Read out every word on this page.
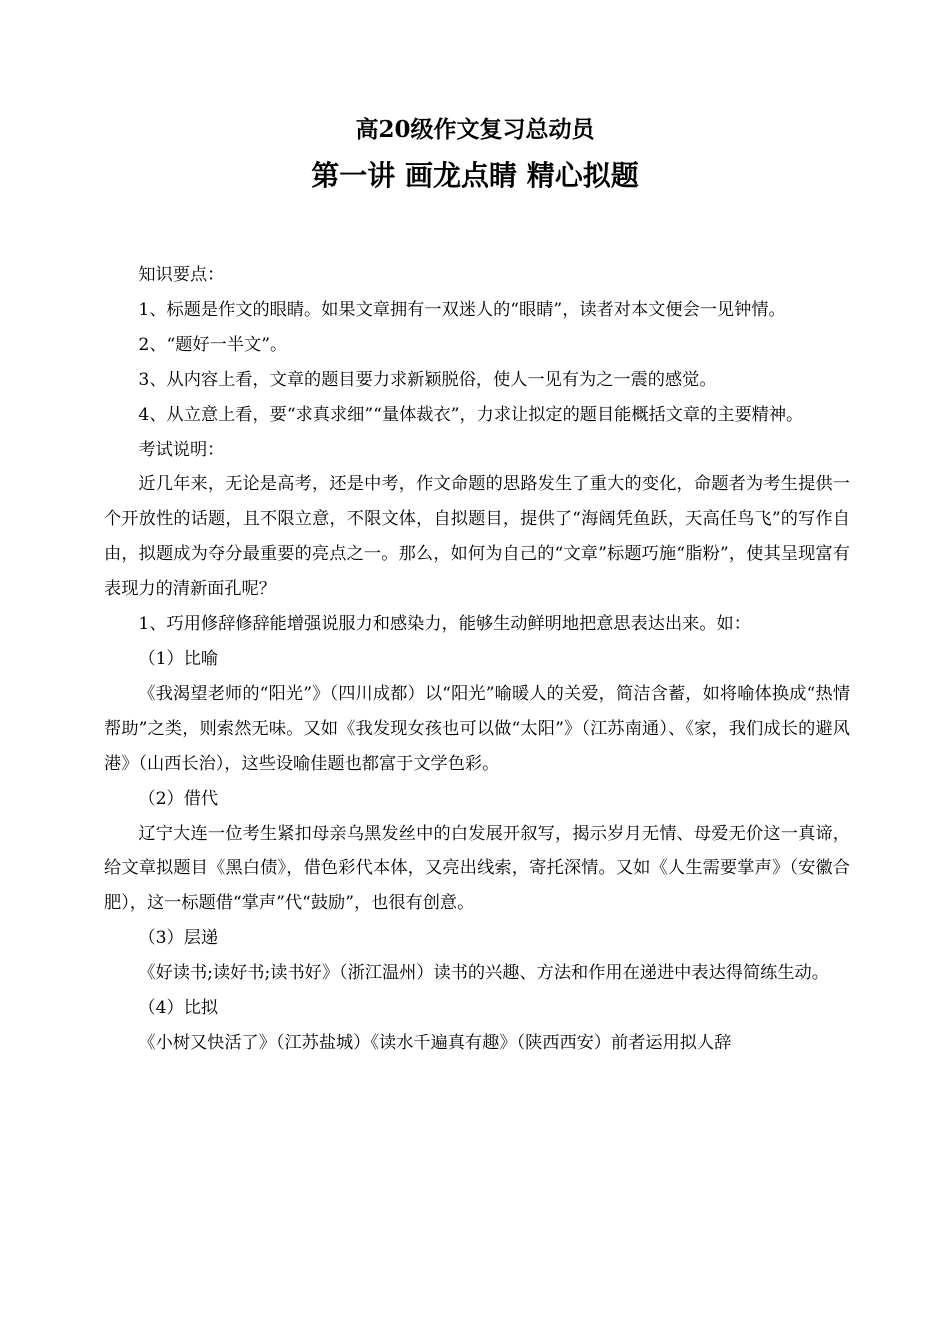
高20级作文复习总动员
第一讲 画龙点睛 精心拟题

知识要点：

1、标题是作文的眼睛。如果文章拥有一双迷人的“眼睛”，读者对本文便会一见钟情。

2、“题好一半文”。

3、从内容上看，文章的题目要力求新颖脱俗，使人一见有为之一震的感觉。

4、从立意上看，要“求真求细”“量体裁衣”，力求让拟定的题目能概括文章的主要精神。

考试说明：

近几年来，无论是高考，还是中考，作文命题的思路发生了重大的变化，命题者为考生提供一个开放性的话题，且不限立意，不限文体，自拟题目，提供了“海阔凭鱼跃，天高任鸟飞”的写作自由，拟题成为夺分最重要的亮点之一。那么，如何为自己的“文章”标题巧施“脂粉”，使其呈现富有表现力的清新面孔呢？

1、巧用修辞修辞能增强说服力和感染力，能够生动鲜明地把意思表达出来。如：

（1）比喻

《我渴望老师的“阳光”》（四川成都）以“阳光”喻暖人的关爱，简洁含蓄，如将喻体换成“热情帮助”之类，则索然无味。又如《我发现女孩也可以做“太阳”》（江苏南通）、《家，我们成长的避风港》（山西长治），这些设喻佳题也都富于文学色彩。

（2）借代

辽宁大连一位考生紧扣母亲乌黑发丝中的白发展开叙写，揭示岁月无情、母爱无价这一真谛，给文章拟题目《黑白债》，借色彩代本体，又亮出线索，寄托深情。又如《人生需要掌声》（安徽合肥），这一标题借“掌声”代“鼓励”，也很有创意。

（3）层递

《好读书;读好书;读书好》（浙江温州）读书的兴趣、方法和作用在递进中表达得简练生动。

（4）比拟

《小树又快活了》（江苏盐城）《读水千遍真有趣》（陕西西安）前者运用拟人辞
